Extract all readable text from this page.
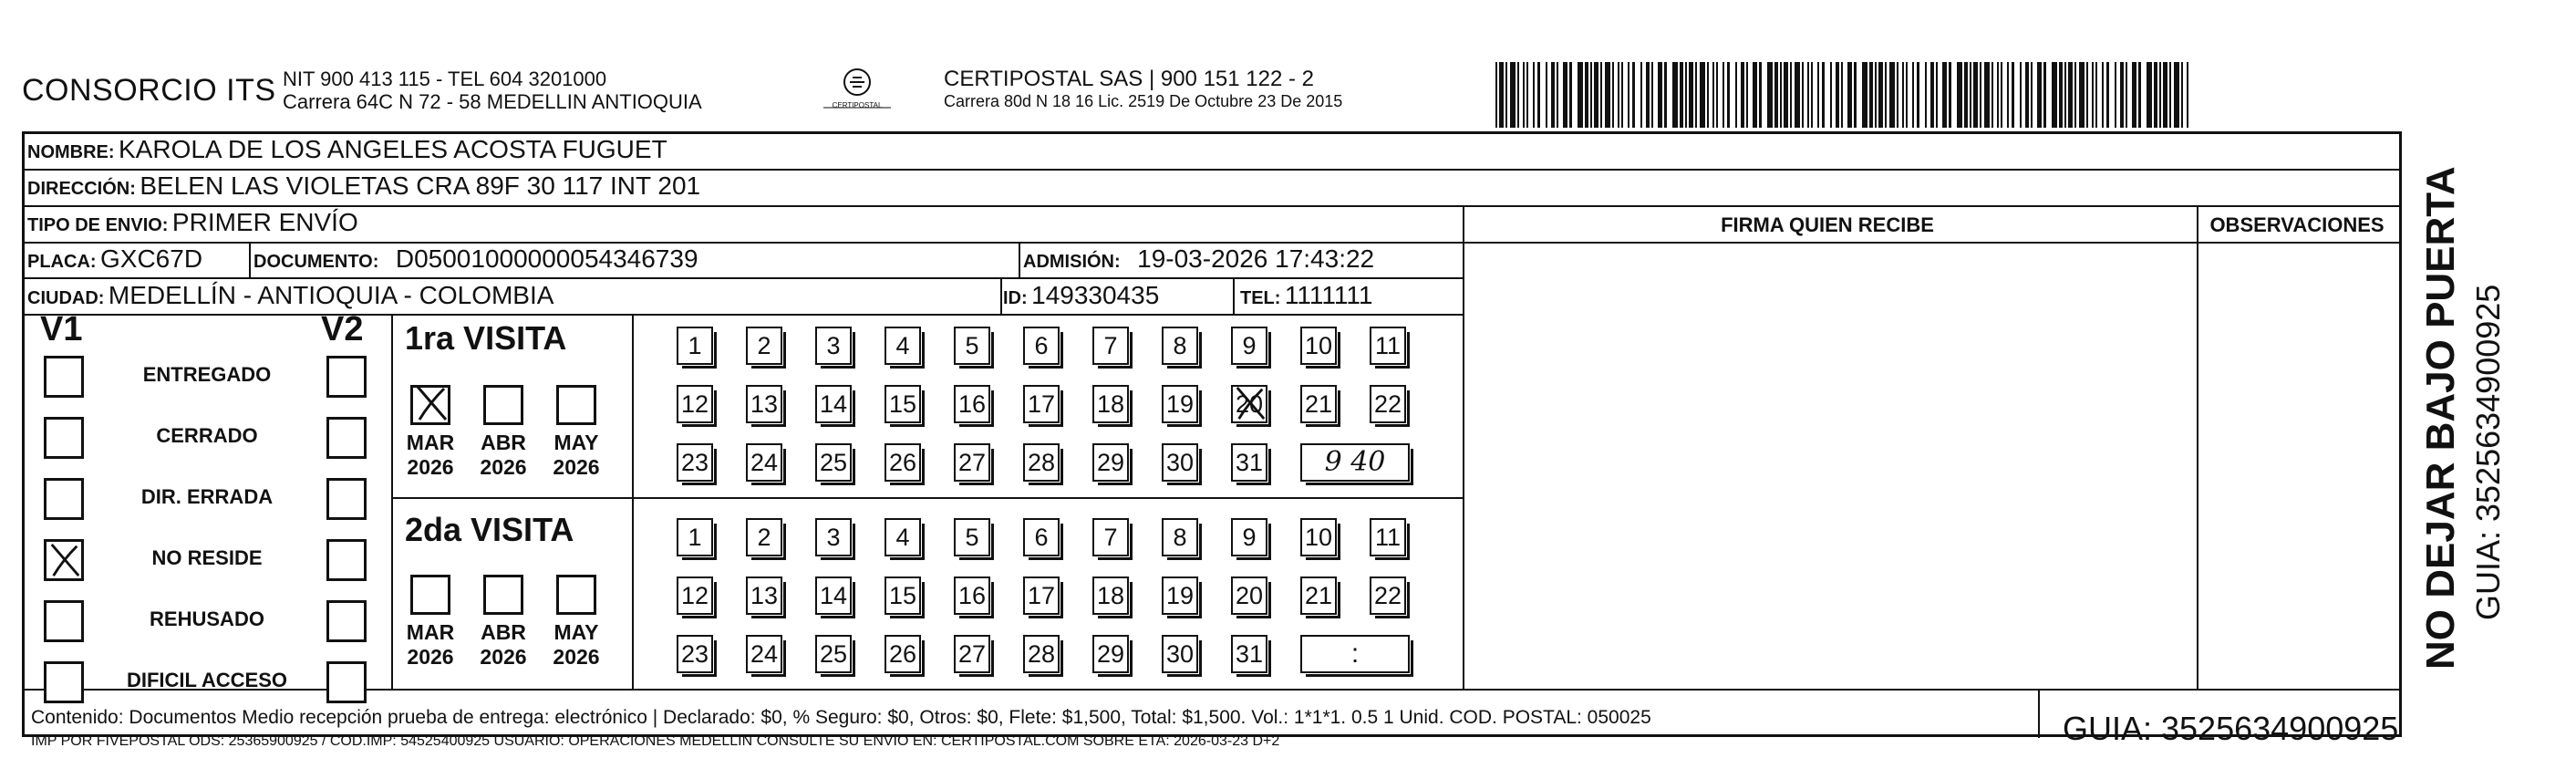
CONSORCIO ITS NIT 900 413 115 - TEL 604 3201000
Carrera 64C N 72 - 58 MEDELLIN ANTIOQUIA	CERTIPOSTAL
CERTIPOSTAL SAS | 900 151 122 - 2
Carrera 80d N 18 16 Lic. 2519 De Octubre 23 De 2015
NOMBRE: KAROLA DE LOS ANGELES ACOSTA FUGUET
DIRECCIÓN: BELEN LAS VIOLETAS CRA 89F 30 117 INT 201
TIPO DE ENVIO: PRIMER ENVÍO	FIRMA QUIEN RECIBE	OBSERVACIONES
PLACA: GXC67D	DOCUMENTO: D05001000000054346739	ADMISIÓN: 19-03-2026 17:43:22
CIUDAD: MEDELLÍN - ANTIOQUIA - COLOMBIA	ID: 149330435	TEL: 1111111
V1	V2 1ra VISITA
2da VISITA
Contenido: Documentos Medio recepción prueba de entrega: electrónico | Declarado: $0, % Seguro: $0, Otros: $0, Flete: $1,500, Total: $1,500. Vol.: 1*1*1. 0.5 1 Unid. COD. POSTAL: 050025
IMP POR FIVEPOSTAL ODS: 25365900925 / COD.IMP: 54525400925 USUARIO: OPERACIONES MEDELLIN CONSULTE SU ENVIO EN: CERTIPOSTAL.COM SOBRE ETA: 2026-03-23 D+2	GUIA: 3525634900925
NO DEJAR BAJO PUERTA GUIA: 3525634900925
ENTREGADO
CERRADO
DIR. ERRADA
NO RESIDE
REHUSADO
DIFICIL ACCESO
MAR
2026
ABR
2026
MAY
2026
MAR
2026
ABR
2026
MAY
2026
1	2	3	4	5	6	7	8	9	10 11
12 13 14 15 16 17 18 19 20 21 22
23 24 25 26 27 28 29 30 31	9 40
1	2	3	4	5	6	7	8	9	10 11
12 13 14 15 16 17 18 19 20 21 22
23 24 25 26 27 28 29 30 31	:
